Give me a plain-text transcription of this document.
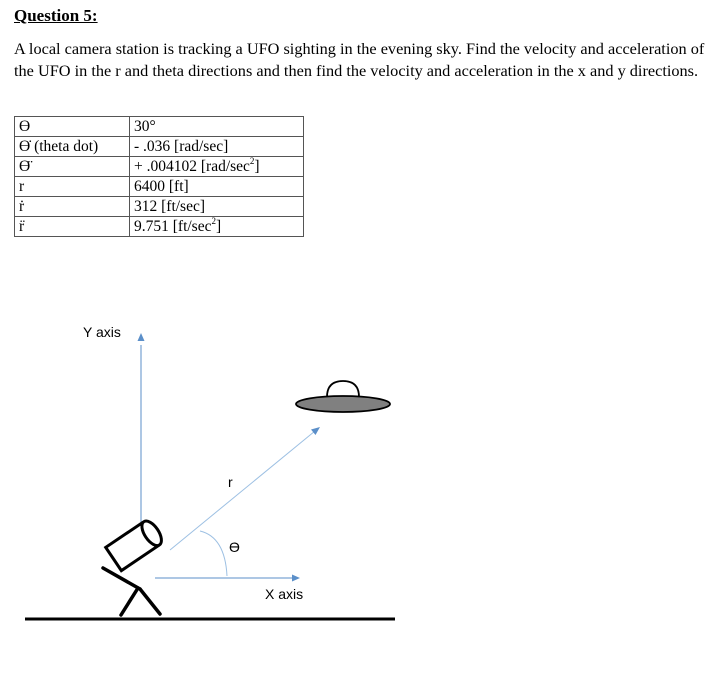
Question 5:
A local camera station is tracking a UFO sighting in the evening sky. Find the velocity and acceleration of the UFO in the r and theta directions and then find the velocity and acceleration in the x and y directions.
ϴ	30°
ϴ̇ (theta dot)	- .036 [rad/sec]
ϴ̈	+ .004102 $[rad/\sec^2]$
r	6400 [ft]
ṙ	312 [ft/sec]
r̈	9.751 $[ft/\sec^2]$
Y axis
X axis
r
ϴ
